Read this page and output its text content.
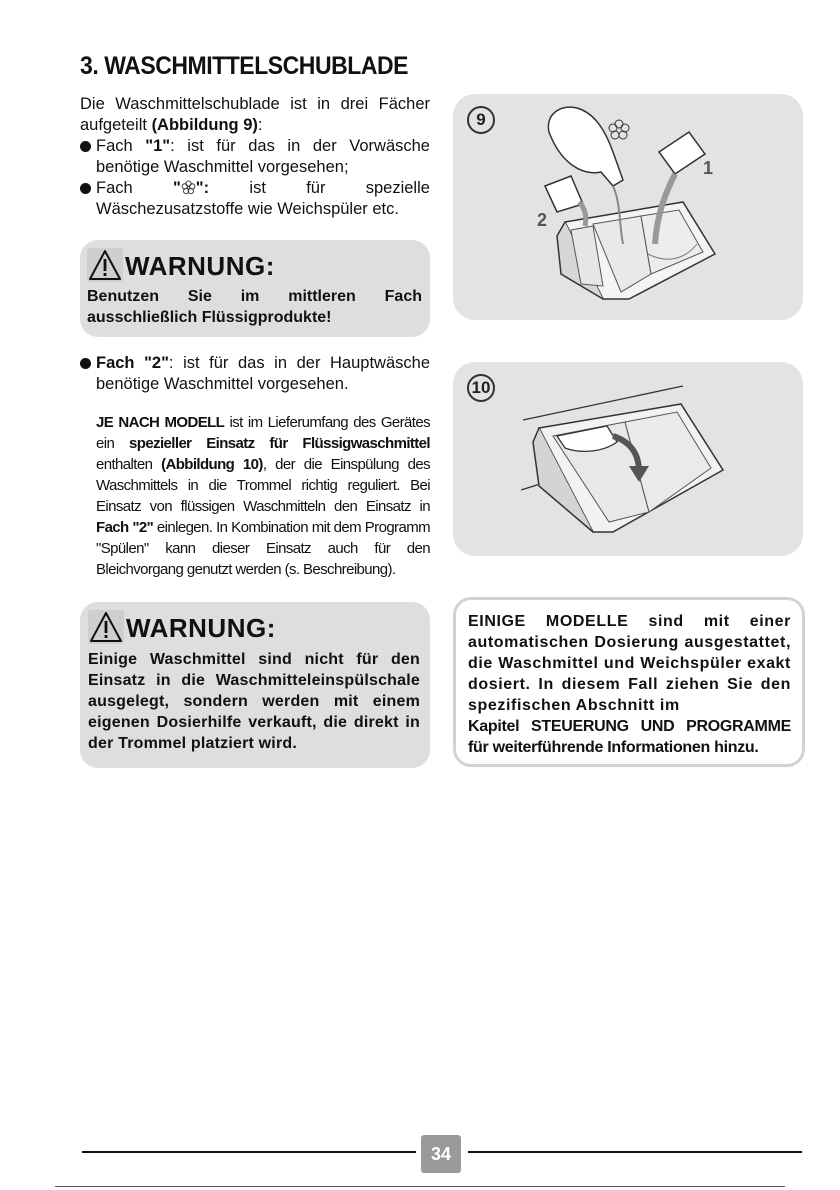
3. WASCHMITTELSCHUBLADE

Die Waschmittelschublade ist in drei Fächer aufgeteilt (Abbildung 9):

Fach "1": ist für das in der Vorwäsche benötige Waschmittel vorgesehen;
Fach " ": ist für spezielle
Wäschezusatzstoffe wie Weichspüler etc.
WARNUNG:
Benutzen Sie im mittleren Fach ausschließlich Flüssigprodukte!
Fach "2": ist für das in der Hauptwäsche benötige Waschmittel vorgesehen.
JE NACH MODELL ist im Lieferumfang des Gerätes ein spezieller Einsatz für Flüssigwaschmittel enthalten (Abbildung 10), der die Einspülung des Waschmittels in die Trommel richtig reguliert. Bei Einsatz von flüssigen Waschmitteln den Einsatz in Fach "2" einlegen. In Kombination mit dem Programm "Spülen" kann dieser Einsatz auch für den Bleichvorgang genutzt werden (s. Beschreibung).
WARNUNG:
Einige Waschmittel sind nicht für den Einsatz in die Waschmitteleinspülschale ausgelegt, sondern werden mit einem eigenen Dosierhilfe verkauft, die direkt in der Trommel platziert wird.
9
1
2
10
EINIGE MODELLE sind mit einer automatischen Dosierung ausgestattet, die Waschmittel und Weichspüler exakt dosiert. In diesem Fall ziehen Sie den spezifischen Abschnitt im
Kapitel STEUERUNG UND PROGRAMME für weiterführende Informationen hinzu.
34
